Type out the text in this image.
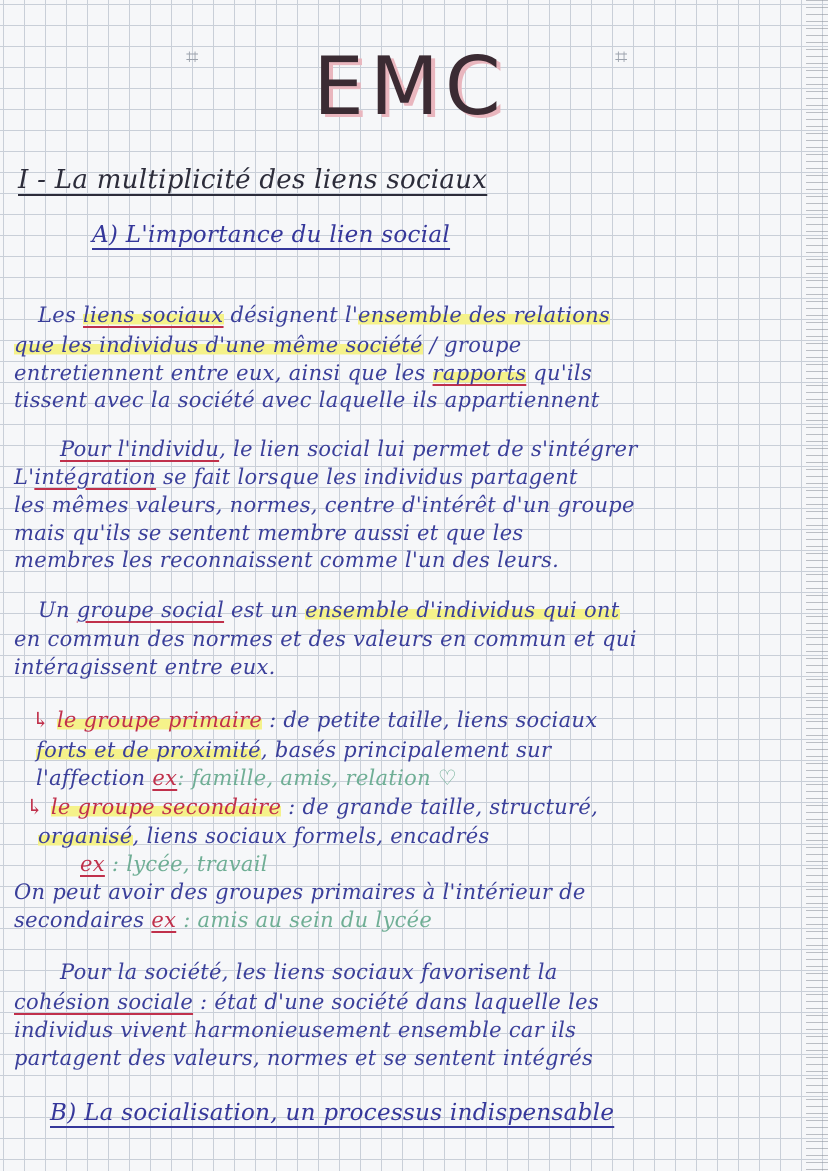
⌗	⌗
EMC
I - La multiplicité des liens sociaux
A) L'importance du lien social
Les liens sociaux désignent l'ensemble des relations
que les individus d'une même société / groupe
entretiennent entre eux, ainsi que les rapports qu'ils
tissent avec la société avec laquelle ils appartiennent
Pour l'individu, le lien social lui permet de s'intégrer
L'intégration se fait lorsque les individus partagent
les mêmes valeurs, normes, centre d'intérêt d'un groupe
mais qu'ils se sentent membre aussi et que les
membres les reconnaissent comme l'un des leurs.
Un groupe social est un ensemble d'individus qui ont
en commun des normes et des valeurs en commun et qui
intéragissent entre eux.
↳ le groupe primaire : de petite taille, liens sociaux
forts et de proximité, basés principalement sur
l'affection ex: famille, amis, relation ♡
↳ le groupe secondaire : de grande taille, structuré,
organisé, liens sociaux formels, encadrés
ex : lycée, travail
On peut avoir des groupes primaires à l'intérieur de
secondaires ex : amis au sein du lycée
Pour la société, les liens sociaux favorisent la
cohésion sociale : état d'une société dans laquelle les
individus vivent harmonieusement ensemble car ils
partagent des valeurs, normes et se sentent intégrés
B) La socialisation, un processus indispensable
